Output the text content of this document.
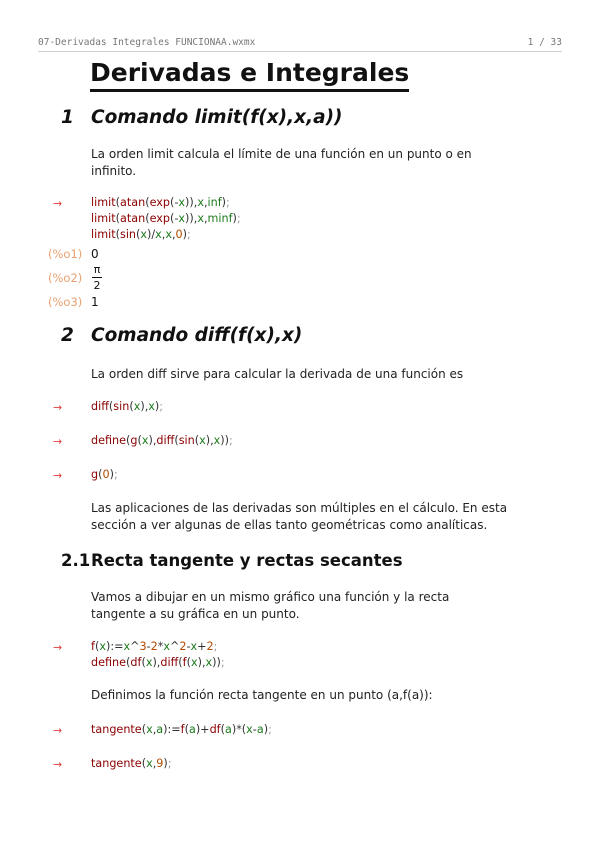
07-Derivadas Integrales FUNCIONAA.wxmx	1 / 33
Derivadas e Integrales
1 Comando limit(f(x),x,a))
La orden limit calcula el límite de una función en un punto o en
infinito.
→	limit(atan(exp(-x)),x,inf);
limit(atan(exp(-x)),x,minf);
limit(sin(x)/x,x,0);
(%o1) 0
(%o2)
π
2
(%o3) 1
2 Comando diff(f(x),x)
La orden diff sirve para calcular la derivada de una función es
→	diff(sin(x),x);
→	define(g(x),diff(sin(x),x));
→	g(0);
Las aplicaciones de las derivadas son múltiples en el cálculo. En esta
sección a ver algunas de ellas tanto geométricas como analíticas.
2.1 Recta tangente y rectas secantes
Vamos a dibujar en un mismo gráfico una función y la recta
tangente a su gráfica en un punto.
→	f(x):=x^3-2*x^2-x+2;
define(df(x),diff(f(x),x));
Definimos la función recta tangente en un punto (a,f(a)):
→	tangente(x,a):=f(a)+df(a)*(x-a);
→	tangente(x,9);
